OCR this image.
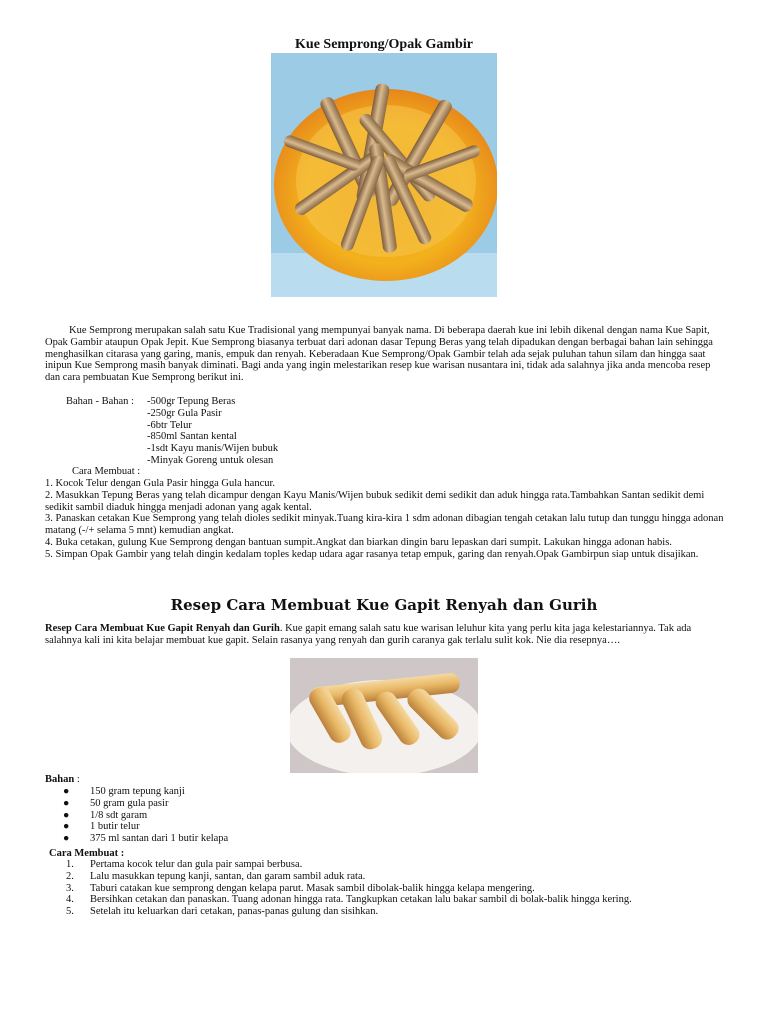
Kue Semprong/Opak Gambir
Kue Semprong merupakan salah satu Kue Tradisional yang mempunyai banyak nama. Di beberapa daerah kue ini lebih dikenal dengan nama Kue Sapit, Opak Gambir ataupun Opak Jepit. Kue Semprong biasanya terbuat dari adonan dasar Tepung Beras yang telah dipadukan dengan berbagai bahan lain sehingga menghasilkan citarasa yang garing, manis, empuk dan renyah. Keberadaan Kue Semprong/Opak Gambir telah ada sejak puluhan tahun silam dan hingga saat inipun Kue Semprong masih banyak diminati. Bagi anda yang ingin melestarikan resep kue warisan nusantara ini, tidak ada salahnya jika anda mencoba resep dan cara pembuatan Kue Semprong berikut ini.
Bahan - Bahan : -500gr Tepung Beras
-250gr Gula Pasir
-6btr Telur
-850ml Santan kental
-1sdt Kayu manis/Wijen bubuk
-Minyak Goreng untuk olesan
Cara Membuat :

1. Kocok Telur dengan Gula Pasir hingga Gula hancur.

2. Masukkan Tepung Beras yang telah dicampur dengan Kayu Manis/Wijen bubuk sedikit demi sedikit dan aduk hingga rata.Tambahkan Santan sedikit demi sedikit sambil diaduk hingga menjadi adonan yang agak kental.

3. Panaskan cetakan Kue Semprong yang telah dioles sedikit minyak.Tuang kira-kira 1 sdm adonan dibagian tengah cetakan lalu tutup dan tunggu hingga adonan matang (-/+ selama 5 mnt) kemudian angkat.

4. Buka cetakan, gulung Kue Semprong dengan bantuan sumpit.Angkat dan biarkan dingin baru lepaskan dari sumpit. Lakukan hingga adonan habis.

5. Simpan Opak Gambir yang telah dingin kedalam toples kedap udara agar rasanya tetap empuk, garing dan renyah.Opak Gambirpun siap untuk disajikan.

Resep Cara Membuat Kue Gapit Renyah dan Gurih
Resep Cara Membuat Kue Gapit Renyah dan Gurih. Kue gapit emang salah satu kue warisan leluhur kita yang perlu kita jaga kelestariannya. Tak ada salahnya kali ini kita belajar membuat kue gapit. Selain rasanya yang renyah dan gurih caranya gak terlalu sulit kok. Nie dia resepnya….
Bahan :
●	150 gram tepung kanji
●	50 gram gula pasir
●	1/8 sdt garam
●	1 butir telur
●	375 ml santan dari 1 butir kelapa
Cara Membuat :
1.	Pertama kocok telur dan gula pair sampai berbusa.
2.	Lalu masukkan tepung kanji, santan, dan garam sambil aduk rata.
3.	Taburi catakan kue semprong dengan kelapa parut. Masak sambil dibolak-balik hingga kelapa mengering.
4.	Bersihkan cetakan dan panaskan. Tuang adonan hingga rata. Tangkupkan cetakan lalu bakar sambil di bolak-balik hingga kering.
5.	Setelah itu keluarkan dari cetakan, panas-panas gulung dan sisihkan.
